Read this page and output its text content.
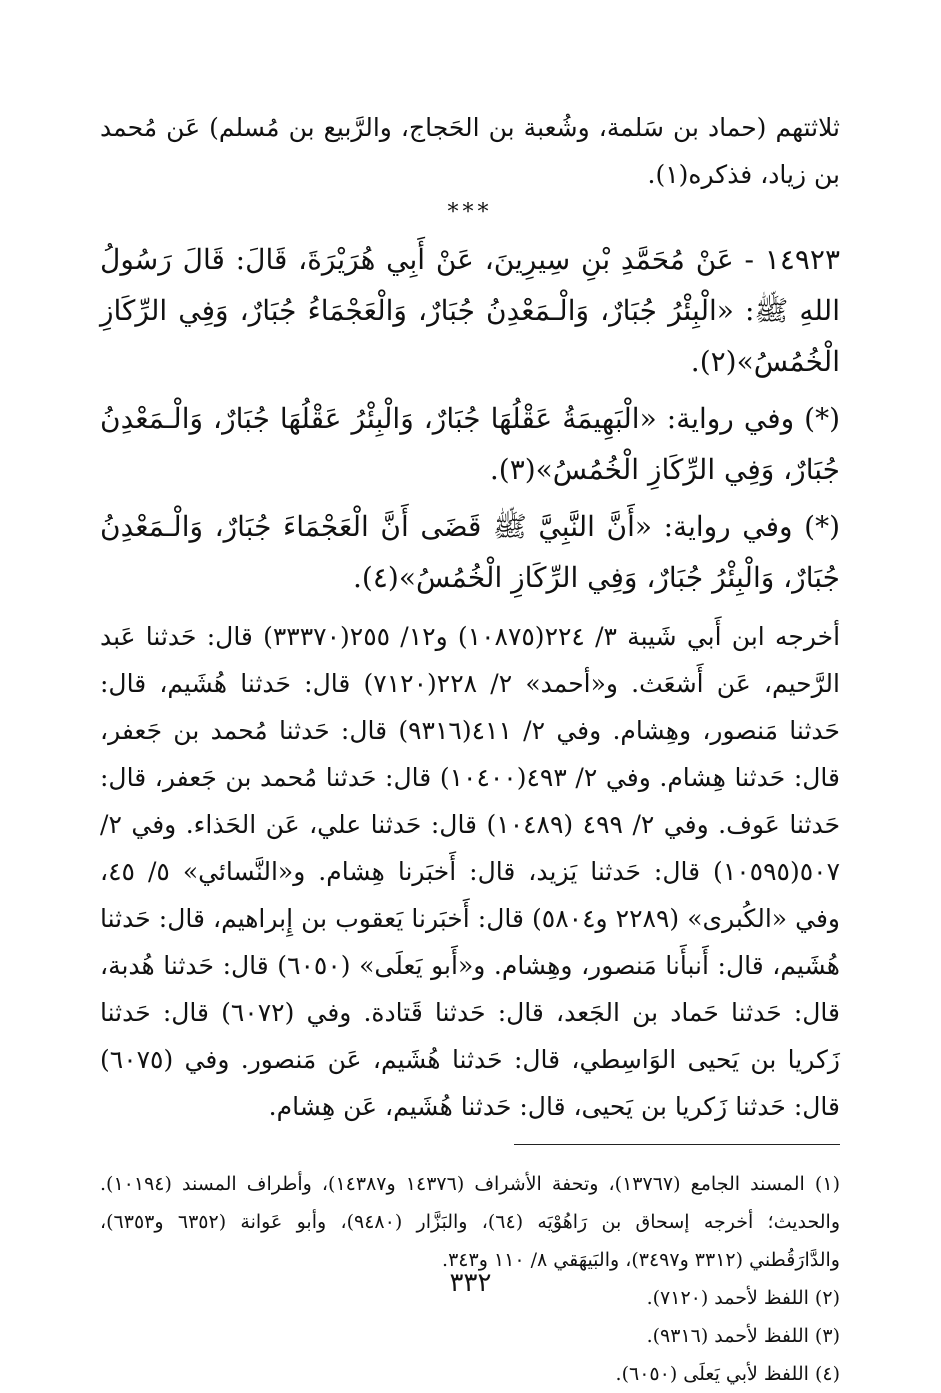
ثلاثتهم (حماد بن سَلمة، وشُعبة بن الحَجاج، والرَّبيع بن مُسلم) عَن مُحمد بن زياد، فذكره(١).

***

١٤٩٢٣ - عَنْ مُحَمَّدِ بْنِ سِيرِينَ، عَنْ أَبِي هُرَيْرَةَ، قَالَ: قَالَ رَسُولُ اللهِ ﷺ: «الْبِئْرُ جُبَارٌ، وَالْـمَعْدِنُ جُبَارٌ، وَالْعَجْمَاءُ جُبَارٌ، وَفِي الرِّكَازِ الْخُمُسُ»(٢).

(*) وفي رواية: «الْبَهِيمَةُ عَقْلُهَا جُبَارٌ، وَالْبِئْرُ عَقْلُهَا جُبَارٌ، وَالْـمَعْدِنُ جُبَارٌ، وَفِي الرِّكَازِ الْخُمُسُ»(٣).

(*) وفي رواية: «أَنَّ النَّبِيَّ ﷺ قَضَى أَنَّ الْعَجْمَاءَ جُبَارٌ، وَالْـمَعْدِنُ جُبَارٌ، وَالْبِئْرُ جُبَارٌ، وَفِي الرِّكَازِ الْخُمُسُ»(٤).

أخرجه ابن أَبي شَيبة ٣/ ٢٢٤(١٠٨٧٥) و١٢/ ٢٥٥(٣٣٣٧٠) قال: حَدثنا عَبد الرَّحيم، عَن أَشعَث. و«أحمد» ٢/ ٢٢٨(٧١٢٠) قال: حَدثنا هُشَيم، قال: حَدثنا مَنصور، وهِشام. وفي ٢/ ٤١١(٩٣١٦) قال: حَدثنا مُحمد بن جَعفر، قال: حَدثنا هِشام. وفي ٢/ ٤٩٣(١٠٤٠٠) قال: حَدثنا مُحمد بن جَعفر، قال: حَدثنا عَوف. وفي ٢/ ٤٩٩ (١٠٤٨٩) قال: حَدثنا علي، عَن الحَذاء. وفي ٢/ ٥٠٧(١٠٥٩٥) قال: حَدثنا يَزيد، قال: أَخبَرنا هِشام. و«النَّسائي» ٥/ ٤٥، وفي «الكُبرى» (٢٢٨٩ و٥٨٠٤) قال: أَخبَرنا يَعقوب بن إِبراهيم، قال: حَدثنا هُشَيم، قال: أَنبأَنا مَنصور، وهِشام. و«أَبو يَعلَى» (٦٠٥٠) قال: حَدثنا هُدبة، قال: حَدثنا حَماد بن الجَعد، قال: حَدثنا قَتادة. وفي (٦٠٧٢) قال: حَدثنا زَكريا بن يَحيى الوَاسِطي، قال: حَدثنا هُشَيم، عَن مَنصور. وفي (٦٠٧٥) قال: حَدثنا زَكريا بن يَحيى، قال: حَدثنا هُشَيم، عَن هِشام.

(١) المسند الجامع (١٣٧٦٧)، وتحفة الأشراف (١٤٣٧٦ و١٤٣٨٧)، وأطراف المسند (١٠١٩٤). والحديث؛ أخرجه إسحاق بن رَاهُوْيَه (٦٤)، والبَزَّار (٩٤٨٠)، وأبو عَوانة (٦٣٥٢ و٦٣٥٣)، والدَّارَقُطني (٣٣١٢ و٣٤٩٧)، والبَيهَقي ٨/ ١١٠ و٣٤٣.

(٢) اللفظ لأحمد (٧١٢٠).

(٣) اللفظ لأحمد (٩٣١٦).

(٤) اللفظ لأبي يَعلَى (٦٠٥٠).

٣٣٢
